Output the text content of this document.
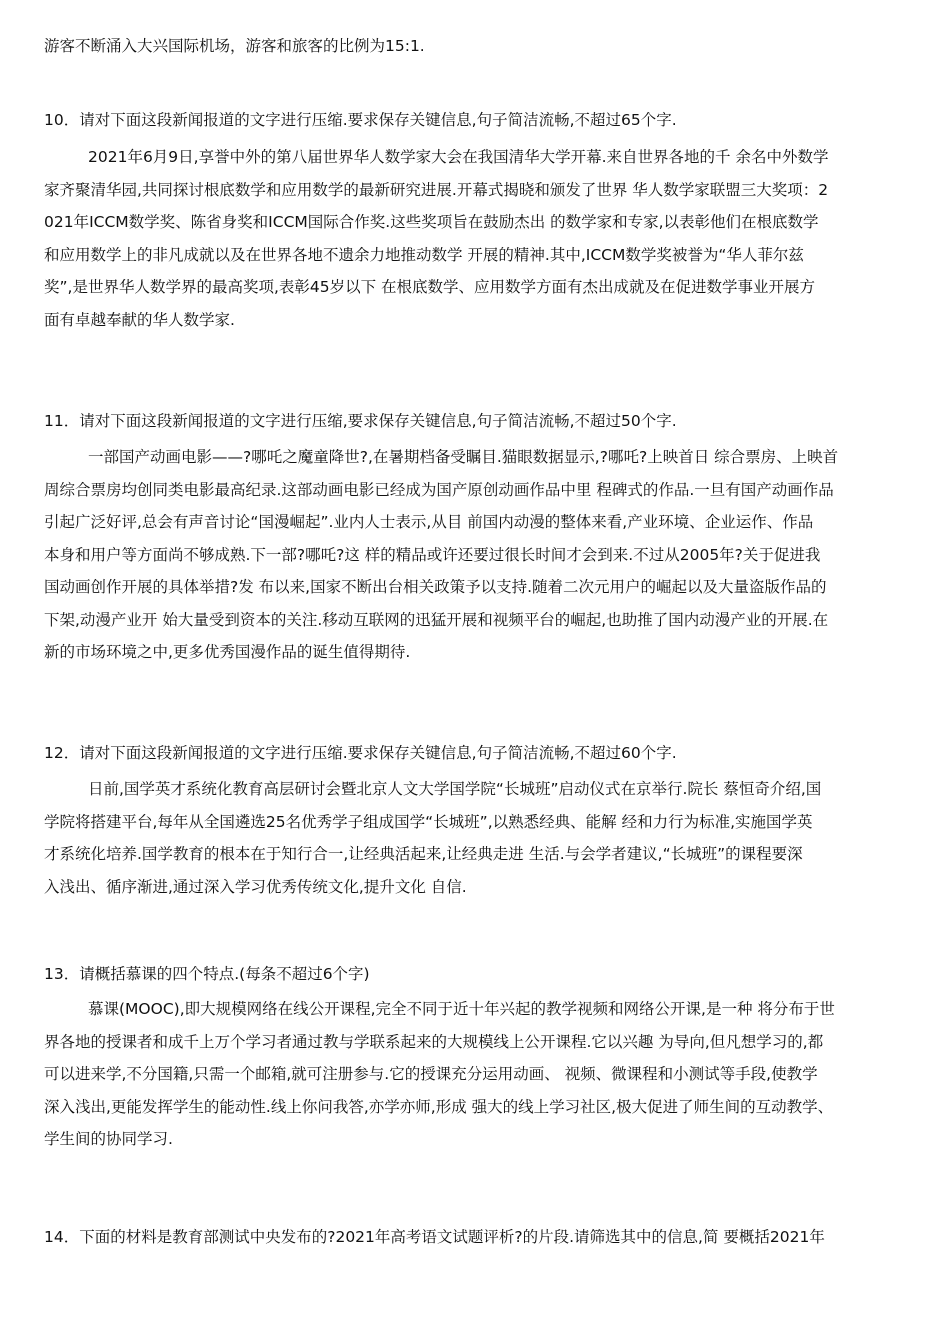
游客不断涌入大兴国际机场，游客和旅客的比例为15:1.

10．请对下面这段新闻报道的文字进行压缩.要求保存关键信息,句子简洁流畅,不超过65个字.

2021年6月9日,享誉中外的第八届世界华人数学家大会在我国清华大学开幕.来自世界各地的千 余名中外数学
家齐聚清华园,共同探讨根底数学和应用数学的最新研究进展.开幕式揭晓和颁发了世界 华人数学家联盟三大奖项：2
021年ICCM数学奖、陈省身奖和ICCM国际合作奖.这些奖项旨在鼓励杰出 的数学家和专家,以表彰他们在根底数学
和应用数学上的非凡成就以及在世界各地不遗余力地推动数学 开展的精神.其中,ICCM数学奖被誉为“华人菲尔兹
奖”,是世界华人数学界的最高奖项,表彰45岁以下 在根底数学、应用数学方面有杰出成就及在促进数学事业开展方
面有卓越奉献的华人数学家.

11．请对下面这段新闻报道的文字进行压缩,要求保存关键信息,句子简洁流畅,不超过50个字.

一部国产动画电影——?哪吒之魔童降世?,在暑期档备受瞩目.猫眼数据显示,?哪吒?上映首日 综合票房、上映首
周综合票房均创同类电影最高纪录.这部动画电影已经成为国产原创动画作品中里 程碑式的作品.一旦有国产动画作品
引起广泛好评,总会有声音讨论“国漫崛起”.业内人士表示,从目 前国内动漫的整体来看,产业环境、企业运作、作品
本身和用户等方面尚不够成熟.下一部?哪吒?这 样的精品或许还要过很长时间才会到来.不过从2005年?关于促进我
国动画创作开展的具体举措?发 布以来,国家不断出台相关政策予以支持.随着二次元用户的崛起以及大量盗版作品的
下架,动漫产业开 始大量受到资本的关注.移动互联网的迅猛开展和视频平台的崛起,也助推了国内动漫产业的开展.在
新的市场环境之中,更多优秀国漫作品的诞生值得期待.

12．请对下面这段新闻报道的文字进行压缩.要求保存关键信息,句子简洁流畅,不超过60个字.

日前,国学英才系统化教育高层研讨会暨北京人文大学国学院“长城班”启动仪式在京举行.院长 蔡恒奇介绍,国
学院将搭建平台,每年从全国遴选25名优秀学子组成国学“长城班”,以熟悉经典、能解 经和力行为标准,实施国学英
才系统化培养.国学教育的根本在于知行合一,让经典活起来,让经典走进 生活.与会学者建议,“长城班”的课程要深
入浅出、循序渐进,通过深入学习优秀传统文化,提升文化 自信.

13．请概括慕课的四个特点.(每条不超过6个字)

慕课(MOOC),即大规模网络在线公开课程,完全不同于近十年兴起的教学视频和网络公开课,是一种 将分布于世
界各地的授课者和成千上万个学习者通过教与学联系起来的大规模线上公开课程.它以兴趣 为导向,但凡想学习的,都
可以进来学,不分国籍,只需一个邮箱,就可注册参与.它的授课充分运用动画、 视频、微课程和小测试等手段,使教学
深入浅出,更能发挥学生的能动性.线上你问我答,亦学亦师,形成 强大的线上学习社区,极大促进了师生间的互动教学、
学生间的协同学习.

14．下面的材料是教育部测试中央发布的?2021年高考语文试题评析?的片段.请筛选其中的信息,简 要概括2021年
